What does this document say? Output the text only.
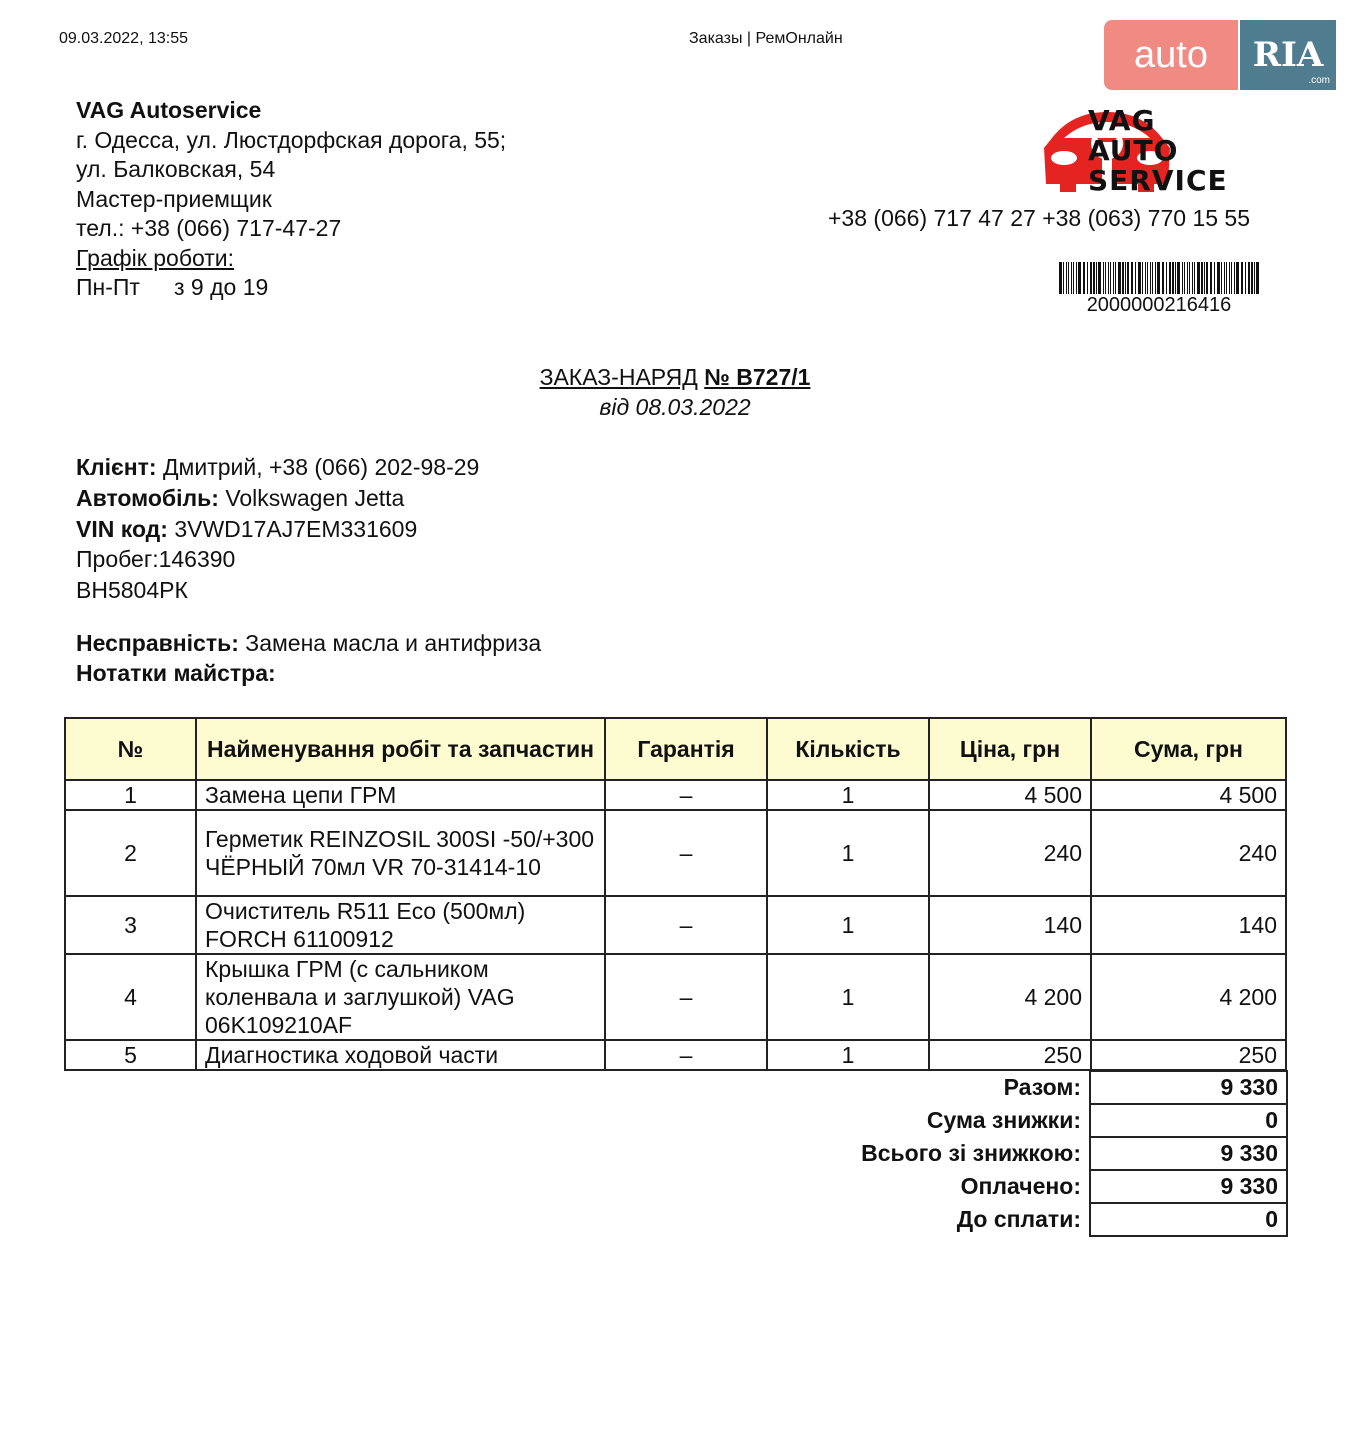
09.03.2022, 13:55	Заказы | РемОнлайн	auto	RIA
.com
VAG Autoservice
г. Одесса, ул. Люстдорфская дорога, 55;
ул. Балковская, 54
Мастер-приемщик
тел.: +38 (066) 717-47-27
Графік роботи:
Пн-Пт з 9 до 19
VAG
AUTO
SERVICE
+38 (066) 717 47 27 +38 (063) 770 15 55
2000000216416
ЗАКАЗ-НАРЯД № В727/1
від 08.03.2022
Клієнт: Дмитрий, +38 (066) 202-98-29
Автомобіль: Volkswagen Jetta
VIN код: 3VWD17AJ7EM331609
Пробег:146390
ВН5804РК
Несправність: Замена масла и антифриза
Нотатки майстра:
№	Найменування робіт та запчастин	Гарантія	Кількість	Ціна, грн	Сума, грн
1	Замена цепи ГРМ	–	1	4 500	4 500
2	Герметик REINZOSIL 300SI -50/+300 ЧЁРНЫЙ 70мл VR 70-31414-10	–	1	240	240
3	Очиститель R511 Eco (500мл) FORCH 61100912	–	1	140	140
4	Крышка ГРМ (с сальником коленвала и заглушкой) VAG 06K109210AF	–	1	4 200	4 200
5	Диагностика ходовой части	–	1	250	250
Разом:	9 330
Сума знижки:	0
Всього зі знижкою:	9 330
Оплачено:	9 330
До сплати:	0
